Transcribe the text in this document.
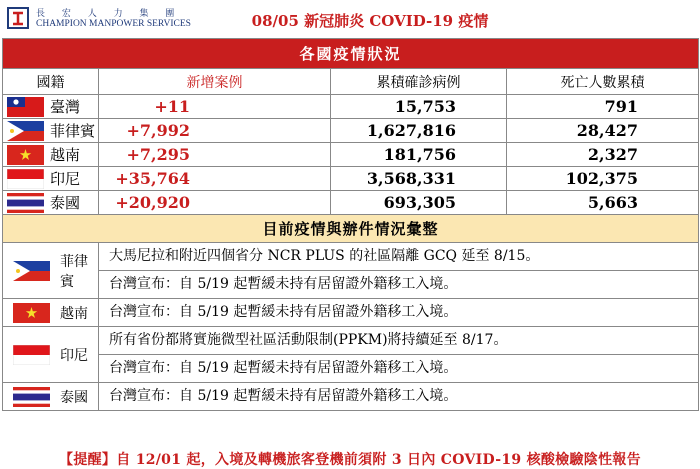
長 宏 人 力 集 團
CHAMPION MANPOWER SERVICES	08/05 新冠肺炎 COVID-19 疫情
各國疫情狀況			
國籍	新增案例	累積確診病例	死亡人數累積

臺灣	+11	15,753	791

菲律賓	+7,992	1,627,816	28,427

越南	+7,295	181,756	2,327

印尼	+35,764	3,568,331	102,375

泰國	+20,920	693,305	5,663
目前疫情與辦件情況彙整			

菲律賓	大馬尼拉和附近四個省分 NCR PLUS 的社區隔離 GCQ 延至 8/15。		
	台灣宣布：自 5/19 起暫緩未持有居留證外籍移工入境。		

越南	台灣宣布：自 5/19 起暫緩未持有居留證外籍移工入境。		

印尼	所有省份都將實施微型社區活動限制(PPKM)將持續延至 8/17。		
	台灣宣布：自 5/19 起暫緩未持有居留證外籍移工入境。		

泰國	台灣宣布：自 5/19 起暫緩未持有居留證外籍移工入境。		
【提醒】自 12/01 起，入境及轉機旅客登機前須附 3 日內 COVID-19 核酸檢驗陰性報告
